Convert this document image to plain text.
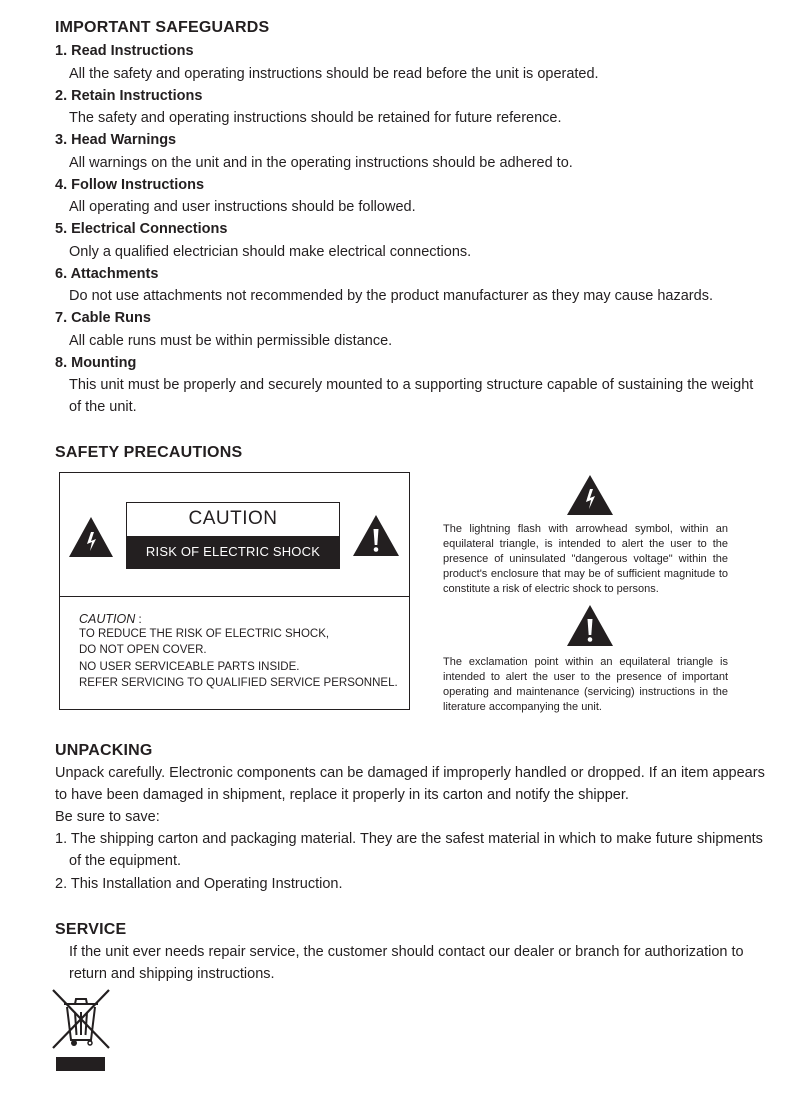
IMPORTANT SAFEGUARDS
1. Read Instructions
All the safety and operating instructions should be read before the unit is operated.
2. Retain Instructions
The safety and operating instructions should be retained for future reference.
3. Head Warnings
All warnings on the unit and in the operating instructions should be adhered to.
4. Follow Instructions
All operating and user instructions should be followed.
5. Electrical Connections
Only a qualified electrician should make electrical connections.
6. Attachments
Do not use attachments not recommended by the product manufacturer as they may cause hazards.
7. Cable Runs
All cable runs must be within permissible distance.
8. Mounting
This unit must be properly and securely mounted to a supporting structure capable of sustaining the weight
of the unit.
SAFETY PRECAUTIONS
CAUTION
RISK OF ELECTRIC SHOCK
CAUTION :
TO REDUCE THE RISK OF ELECTRIC SHOCK,
DO NOT OPEN COVER.
NO USER SERVICEABLE PARTS INSIDE.
REFER SERVICING TO QUALIFIED SERVICE PERSONNEL.
The lightning flash with arrowhead symbol, within an equilateral triangle, is intended to alert the user to the presence of uninsulated "dangerous voltage" within the product's enclosure that may be of sufficient magnitude to constitute a risk of electric shock to persons.
The exclamation point within an equilateral triangle is intended to alert the user to the presence of important operating and maintenance (servicing) instructions in the literature accompanying the unit.
UNPACKING
Unpack carefully. Electronic components can be damaged if improperly handled or dropped. If an item appears
to have been damaged in shipment, replace it properly in its carton and notify the shipper.
Be sure to save:
1. The shipping carton and packaging material. They are the safest material in which to make future shipments
of the equipment.
2. This Installation and Operating Instruction.
SERVICE
If the unit ever needs repair service, the customer should contact our dealer or branch for authorization to
return and shipping instructions.
